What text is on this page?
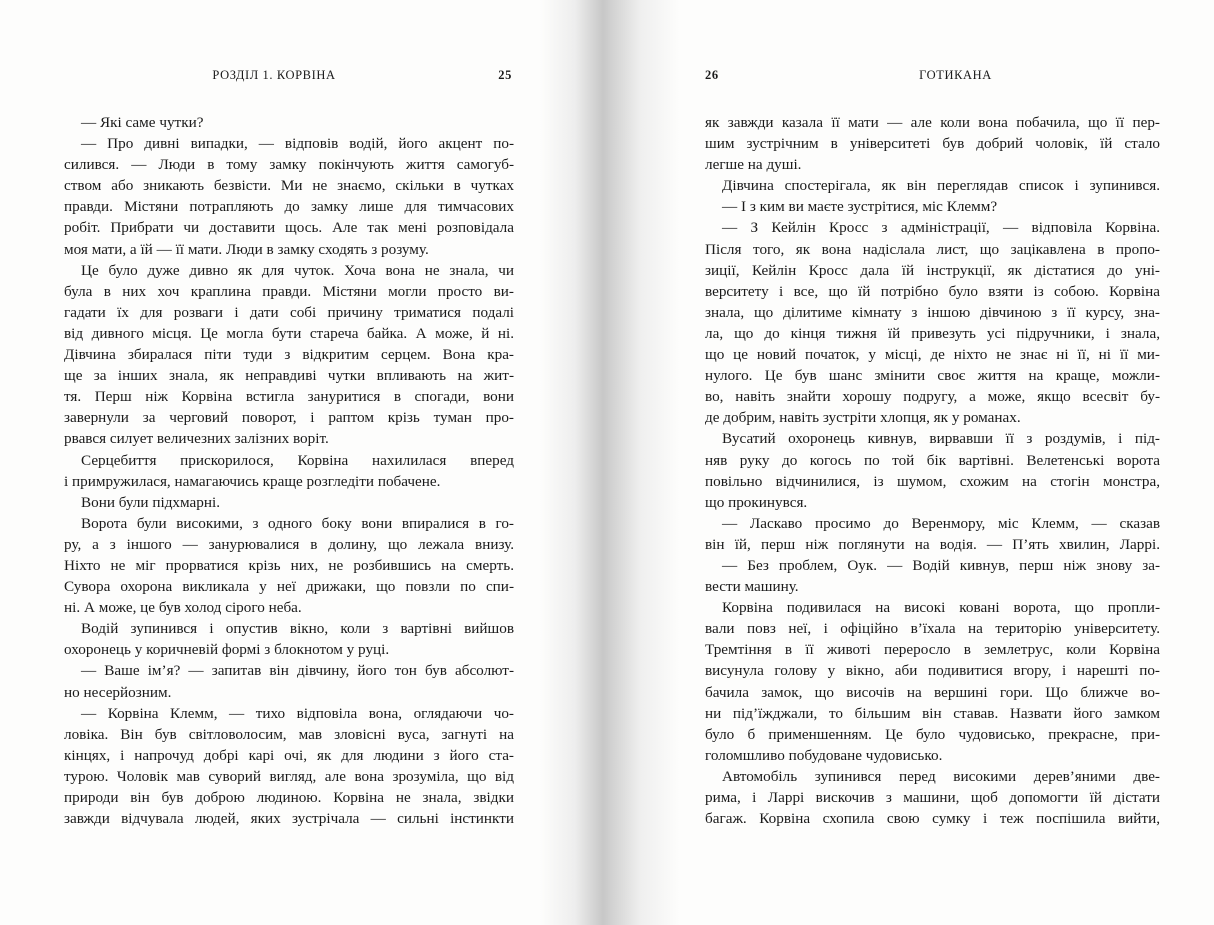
РОЗДІЛ 1. КОРВІНА	25
— Які саме чутки?
— Про дивні випадки, — відповів водій, його акцент по-
силився. — Люди в тому замку покінчують життя самогуб-
ством або зникають безвісти. Ми не знаємо, скільки в чутках
правди. Містяни потрапляють до замку лише для тимчасових
робіт. Прибрати чи доставити щось. Але так мені розповідала
моя мати, а їй — її мати. Люди в замку сходять з розуму.
Це було дуже дивно як для чуток. Хоча вона не знала, чи
була в них хоч краплина правди. Містяни могли просто ви-
гадати їх для розваги і дати собі причину триматися подалі
від дивного місця. Це могла бути стареча байка. А може, й ні.
Дівчина збиралася піти туди з відкритим серцем. Вона кра-
ще за інших знала, як неправдиві чутки впливають на жит-
тя. Перш ніж Корвіна встигла зануритися в спогади, вони
завернули за черговий поворот, і раптом крізь туман про-
рвався силует величезних залізних воріт.
Серцебиття прискорилося, Корвіна нахилилася вперед
і примружилася, намагаючись краще розгледіти побачене.
Вони були підхмарні.
Ворота були високими, з одного боку вони впиралися в го-
ру, а з іншого — занурювалися в долину, що лежала внизу.
Ніхто не міг прорватися крізь них, не розбившись на смерть.
Сувора охорона викликала у неї дрижаки, що повзли по спи-
ні. А може, це був холод сірого неба.
Водій зупинився і опустив вікно, коли з вартівні вийшов
охоронець у коричневій формі з блокнотом у руці.
— Ваше ім’я? — запитав він дівчину, його тон був абсолют-
но несерйозним.
— Корвіна Клемм, — тихо відповіла вона, оглядаючи чо-
ловіка. Він був світловолосим, мав зловісні вуса, загнуті на
кінцях, і напрочуд добрі карі очі, як для людини з його ста-
турою. Чоловік мав суворий вигляд, але вона зрозуміла, що від
природи він був доброю людиною. Корвіна не знала, звідки
завжди відчувала людей, яких зустрічала — сильні інстинкти
26	ГОТИКАНА
як завжди казала її мати — але коли вона побачила, що її пер-
шим зустрічним в університеті був добрий чоловік, їй стало
легше на душі.
Дівчина спостерігала, як він переглядав список і зупинився.
— І з ким ви маєте зустрітися, міс Клемм?
— З Кейлін Кросс з адміністрації, — відповіла Корвіна.
Після того, як вона надіслала лист, що зацікавлена в пропо-
зиції, Кейлін Кросс дала їй інструкції, як дістатися до уні-
верситету і все, що їй потрібно було взяти із собою. Корвіна
знала, що ділитиме кімнату з іншою дівчиною з її курсу, зна-
ла, що до кінця тижня їй привезуть усі підручники, і знала,
що це новий початок, у місці, де ніхто не знає ні її, ні її ми-
нулого. Це був шанс змінити своє життя на краще, можли-
во, навіть знайти хорошу подругу, а може, якщо всесвіт бу-
де добрим, навіть зустріти хлопця, як у романах.
Вусатий охоронець кивнув, вирвавши її з роздумів, і під-
няв руку до когось по той бік вартівні. Велетенські ворота
повільно відчинилися, із шумом, схожим на стогін монстра,
що прокинувся.
— Ласкаво просимо до Веренмору, міс Клемм, — сказав
він їй, перш ніж поглянути на водія. — П’ять хвилин, Ларрі.
— Без проблем, Оук. — Водій кивнув, перш ніж знову за-
вести машину.
Корвіна подивилася на високі ковані ворота, що пропли-
вали повз неї, і офіційно в’їхала на територію університету.
Тремтіння в її животі переросло в землетрус, коли Корвіна
висунула голову у вікно, аби подивитися вгору, і нарешті по-
бачила замок, що височів на вершині гори. Що ближче во-
ни під’їжджали, то більшим він ставав. Назвати його замком
було б применшенням. Це було чудовисько, прекрасне, при-
голомшливо побудоване чудовисько.
Автомобіль зупинився перед високими дерев’яними две-
рима, і Ларрі вискочив з машини, щоб допомогти їй дістати
багаж. Корвіна схопила свою сумку і теж поспішила вийти,
